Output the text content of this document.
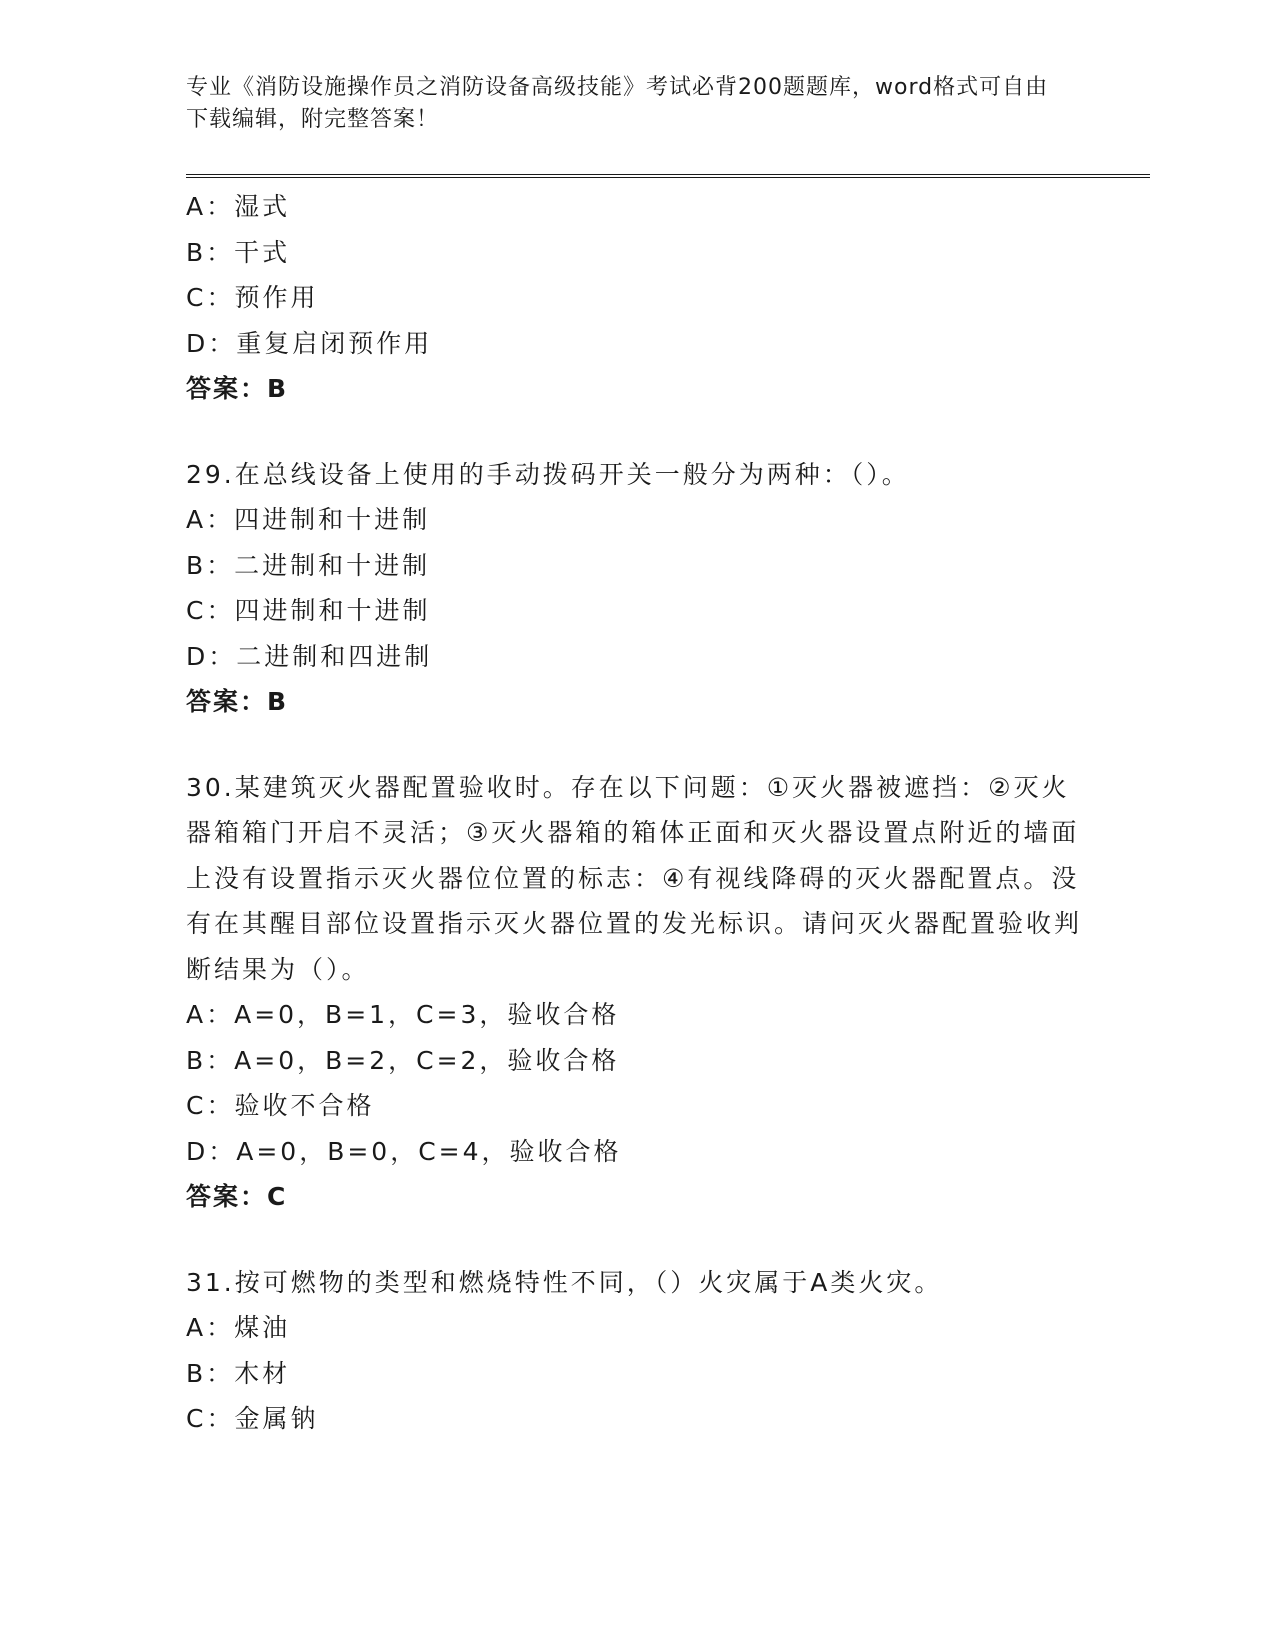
专业《消防设施操作员之消防设备高级技能》考试必背200题题库，word格式可自由下载编辑，附完整答案！
A：湿式
B：干式
C：预作用
D：重复启闭预作用
答案：B
29.在总线设备上使用的手动拨码开关一般分为两种：（）。
A：四进制和十进制
B：二进制和十进制
C：四进制和十进制
D：二进制和四进制
答案：B
30.某建筑灭火器配置验收时。存在以下问题：①灭火器被遮挡：②灭火器箱箱门开启不灵活；③灭火器箱的箱体正面和灭火器设置点附近的墙面上没有设置指示灭火器位位置的标志：④有视线降碍的灭火器配置点。没有在其醒目部位设置指示灭火器位置的发光标识。请问灭火器配置验收判断结果为（）。
A：A=0，B=1，C=3，验收合格
B：A=0，B=2，C=2，验收合格
C：验收不合格
D：A=0，B=0，C=4，验收合格
答案：C
31.按可燃物的类型和燃烧特性不同，（）火灾属于A类火灾。
A：煤油
B：木材
C：金属钠
